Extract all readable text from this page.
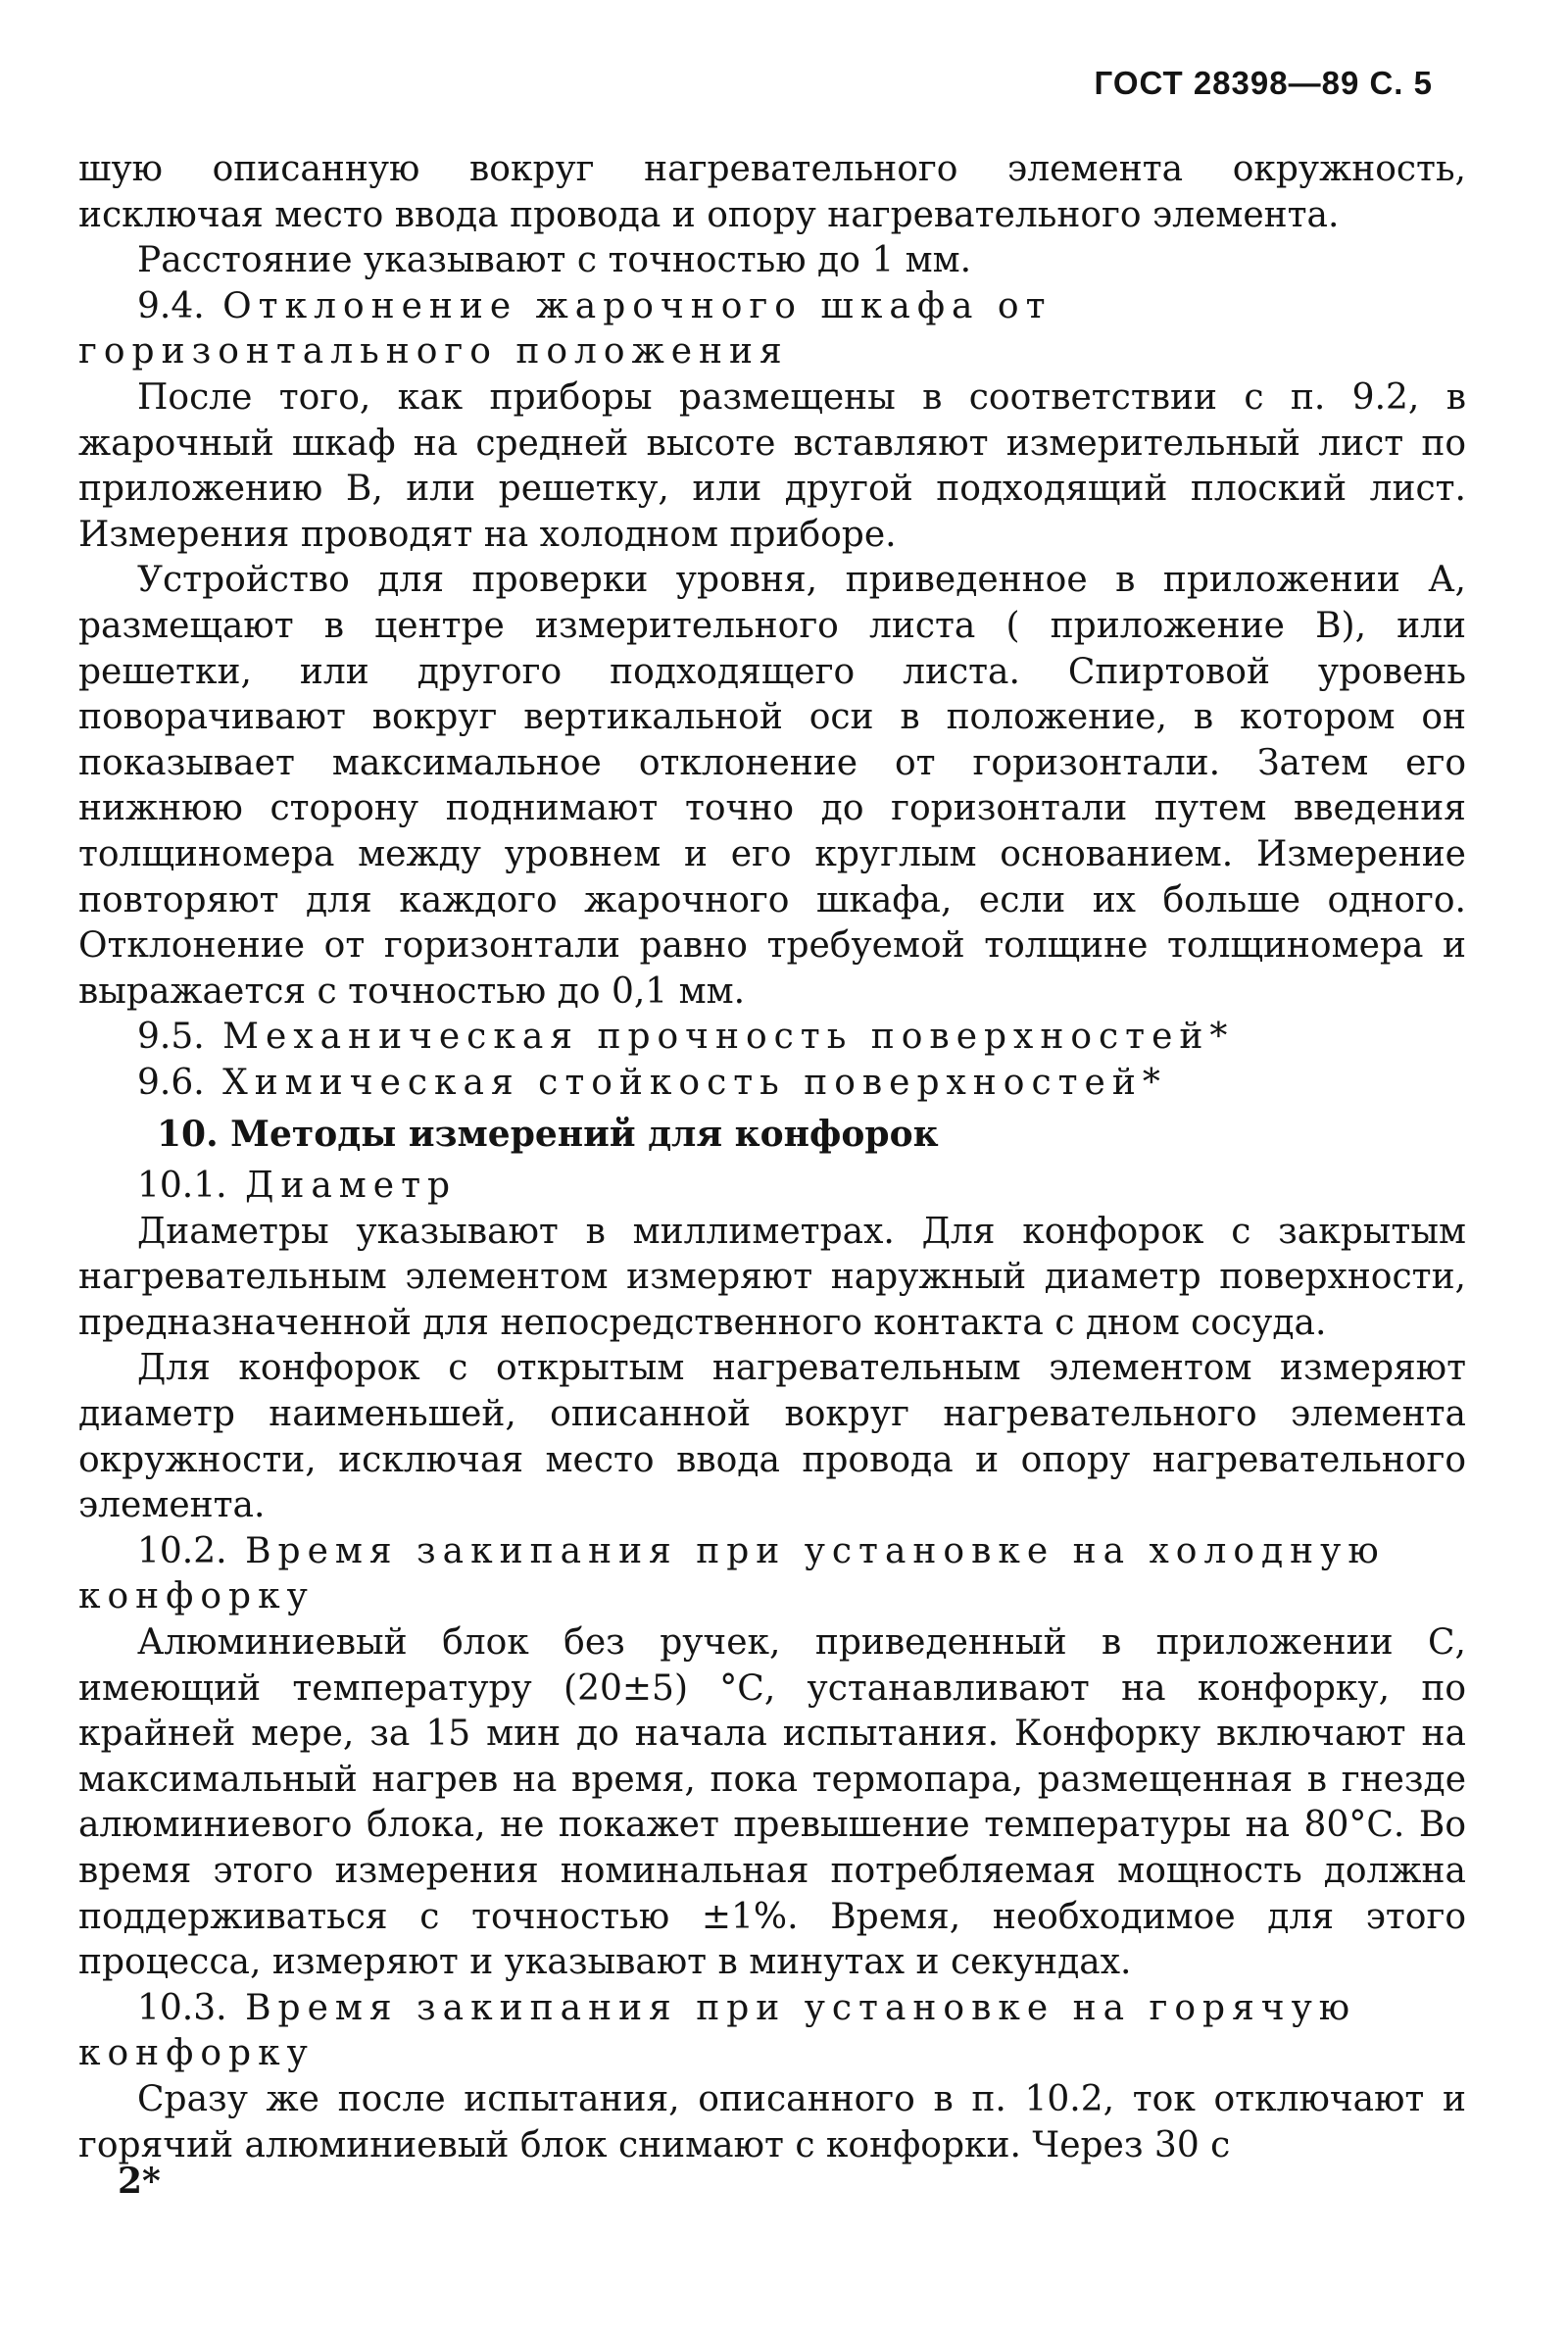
ГОСТ 28398—89 С. 5

шую описанную вокруг нагревательного элемента окружность, исключая место ввода провода и опору нагревательного элемента.

Расстояние указывают с точностью до 1 мм.

9.4. Отклонение жарочного шкафа от горизонтального положения

После того, как приборы размещены в соответствии с п. 9.2, в жарочный шкаф на средней высоте вставляют измерительный лист по приложению В, или решетку, или другой подходящий плоский лист. Измерения проводят на холодном приборе.

Устройство для проверки уровня, приведенное в приложении А, размещают в центре измерительного листа ( приложение В), или решетки, или другого подходящего листа. Спиртовой уровень поворачивают вокруг вертикальной оси в положение, в котором он показывает максимальное отклонение от горизонтали. Затем его нижнюю сторону поднимают точно до горизонтали путем введения толщиномера между уровнем и его круглым основанием. Измерение повторяют для каждого жарочного шкафа, если их больше одного. Отклонение от горизонтали равно требуемой толщине толщиномера и выражается с точностью до 0,1 мм.

9.5. Механическая прочность поверхностей*

9.6. Химическая стойкость поверхностей*

10. Методы измерений для конфорок

10.1. Диаметр

Диаметры указывают в миллиметрах. Для конфорок с закрытым нагревательным элементом измеряют наружный диаметр поверхности, предназначенной для непосредственного контакта с дном сосуда.

Для конфорок с открытым нагревательным элементом измеряют диаметр наименьшей, описанной вокруг нагревательного элемента окружности, исключая место ввода провода и опору нагревательного элемента.

10.2. Время закипания при установке на холодную конфорку

Алюминиевый блок без ручек, приведенный в приложении С, имеющий температуру (20±5) °С, устанавливают на конфорку, по крайней мере, за 15 мин до начала испытания. Конфорку включают на максимальный нагрев на время, пока термопара, размещенная в гнезде алюминиевого блока, не покажет превышение температуры на 80°С. Во время этого измерения номинальная потребляемая мощность должна поддерживаться с точностью ±1%. Время, необходимое для этого процесса, измеряют и указывают в минутах и секундах.

10.3. Время закипания при установке на горячую конфорку

Сразу же после испытания, описанного в п. 10.2, ток отключают и горячий алюминиевый блок снимают с конфорки. Через 30 с

2*
